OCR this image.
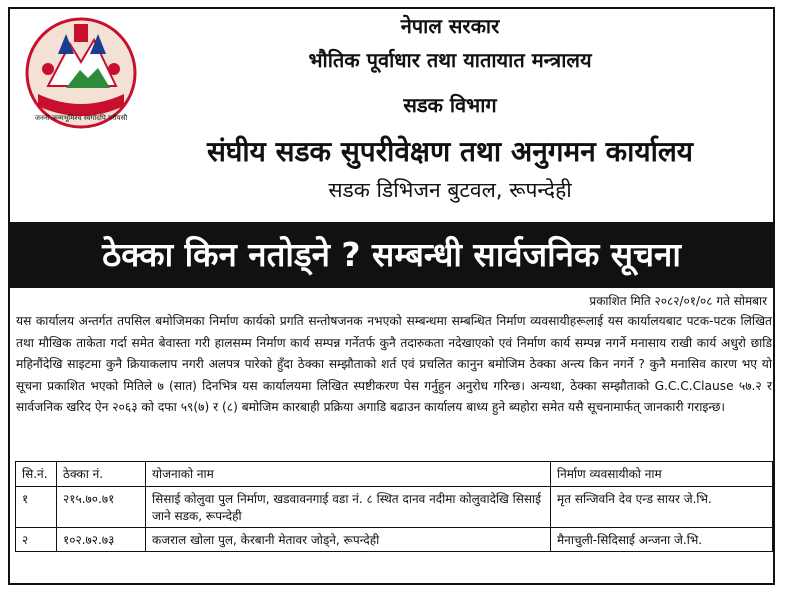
जननी जन्मभूमिश्च स्वर्गादपि गरीयसी
नेपाल सरकार
भौतिक पूर्वाधार तथा यातायात मन्त्रालय
सडक विभाग
संघीय सडक सुपरीवेक्षण तथा अनुगमन कार्यालय
सडक डिभिजन बुटवल, रूपन्देही
ठेक्का किन नतोड्ने ? सम्बन्धी सार्वजनिक सूचना
प्रकाशित मिति २०८२/०१/०८ गते सोमबार
यस कार्यालय अन्तर्गत तपसिल बमोजिमका निर्माण कार्यको प्रगति सन्तोषजनक नभएको सम्बन्धमा सम्बन्धित निर्माण व्यवसायीहरूलाई यस कार्यालयबाट पटक-पटक लिखित तथा मौखिक ताकेता गर्दा समेत बेवास्ता गरी हालसम्म निर्माण कार्य सम्पन्न गर्नेतर्फ कुनै तदारुकता नदेखाएको एवं निर्माण कार्य सम्पन्न नगर्ने मनासाय राखी कार्य अधुरो छाडि महिनौंदेखि साइटमा कुनै क्रियाकलाप नगरी अलपत्र पारेको हुँदा ठेक्का सम्झौताको शर्त एवं प्रचलित कानुन बमोजिम ठेक्का अन्त्य किन नगर्ने ? कुनै मनासिव कारण भए यो सूचना प्रकाशित भएको मितिले ७ (सात) दिनभित्र यस कार्यालयमा लिखित स्पष्टीकरण पेस गर्नुहुन अनुरोध गरिन्छ। अन्यथा, ठेक्का सम्झौताको G.C.C.Clause ५७.२ र सार्वजनिक खरिद ऐन २०६३ को दफा ५९(७) र (८) बमोजिम कारबाही प्रक्रिया अगाडि बढाउन कार्यालय बाध्य हुने ब्यहोरा समेत यसै सूचनामार्फत् जानकारी गराइन्छ।
सि.नं.	ठेक्का नं.	योजनाको नाम	निर्माण व्यवसायीको नाम
१	२१५.७०.७१	सिसाई कोलुवा पुल निर्माण, खडवावनगाई वडा नं. ८ स्थित दानव नदीमा कोलुवादेखि सिसाई जाने सडक, रूपन्देही	मृत सन्जिवनि देव एन्ड सायर जे.भि.
२	१०२.७२.७३	कजराल खोला पुल, केरबानी मेतावर जोड्ने, रूपन्देही	मैनाचुली-सिदिसाई अन्जना जे.भि.
